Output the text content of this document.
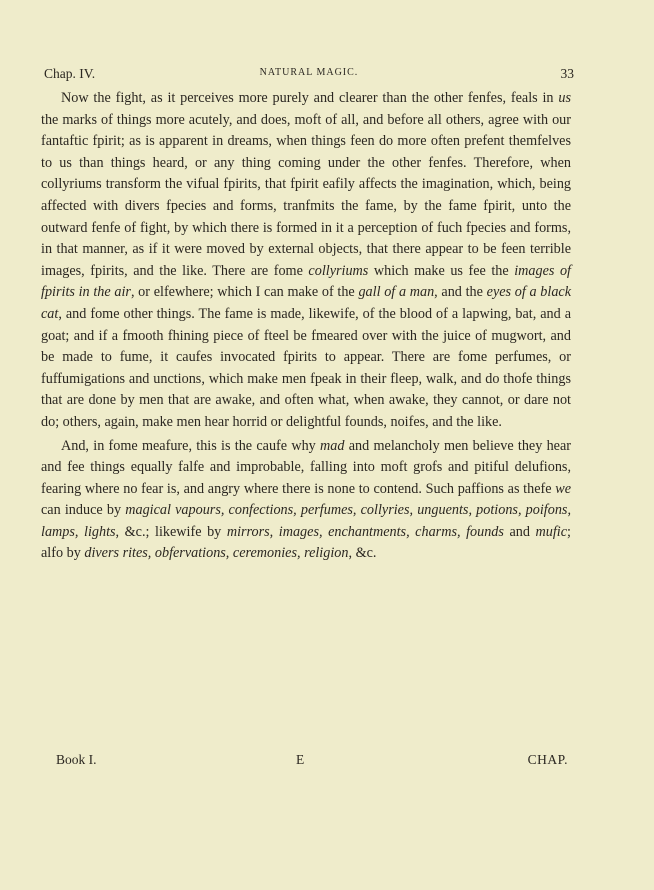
Chap. IV.	NATURAL MAGIC.	33

Now the fight, as it perceives more purely and clearer than the other fenfes, feals in us the marks of things more acutely, and does, moft of all, and before all others, agree with our fantaftic fpirit; as is apparent in dreams, when things feen do more often prefent themfelves to us than things heard, or any thing coming under the other fenfes. Therefore, when collyriums transform the vifual fpirits, that fpirit eafily affects the imagination, which, being affected with divers fpecies and forms, tranfmits the fame, by the fame fpirit, unto the outward fenfe of fight, by which there is formed in it a perception of fuch fpecies and forms, in that manner, as if it were moved by external objects, that there appear to be feen terrible images, fpirits, and the like. There are fome collyriums which make us fee the images of fpirits in the air, or elfewhere; which I can make of the gall of a man, and the eyes of a black cat, and fome other things. The fame is made, likewife, of the blood of a lapwing, bat, and a goat; and if a fmooth fhining piece of fteel be fmeared over with the juice of mugwort, and be made to fume, it caufes invocated fpirits to appear. There are fome perfumes, or fuffumigations and unctions, which make men fpeak in their fleep, walk, and do thofe things that are done by men that are awake, and often what, when awake, they cannot, or dare not do; others, again, make men hear horrid or delightful founds, noifes, and the like.

And, in fome meafure, this is the caufe why mad and melancholy men believe they hear and fee things equally falfe and improbable, falling into moft grofs and pitiful delufions, fearing where no fear is, and angry where there is none to contend. Such paffions as thefe we can induce by magical vapours, confections, perfumes, collyries, unguents, potions, poifons, lamps, lights, &c.; likewife by mirrors, images, enchantments, charms, founds and mufic; alfo by divers rites, obfervations, ceremonies, religion, &c.

Book I.	E	CHAP.
